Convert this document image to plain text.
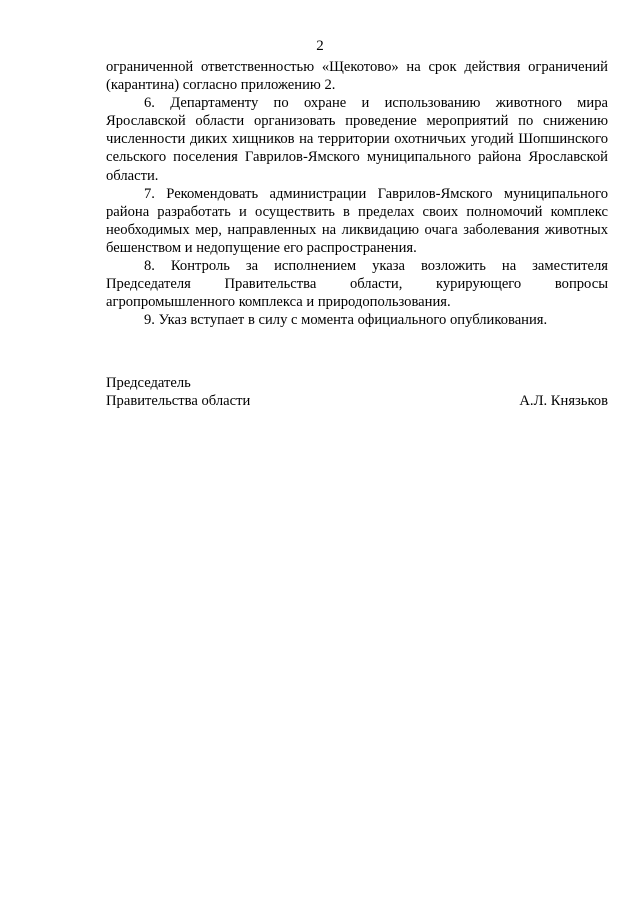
2

ограниченной ответственностью «Щекотово» на срок действия ограничений (карантина) согласно приложению 2.

6. Департаменту по охране и использованию животного мира Ярославской области организовать проведение мероприятий по снижению численности диких хищников на территории охотничьих угодий Шопшинского сельского поселения Гаврилов-Ямского муниципального района Ярославской области.

7. Рекомендовать администрации Гаврилов-Ямского муниципального района разработать и осуществить в пределах своих полномочий комплекс необходимых мер, направленных на ликвидацию очага заболевания животных бешенством и недопущение его распространения.

8. Контроль за исполнением указа возложить на заместителя Председателя Правительства области, курирующего вопросы агропромышленного комплекса и природопользования.

9. Указ вступает в силу с момента официального опубликования.

Председатель
Правительства области	А.Л. Князьков
